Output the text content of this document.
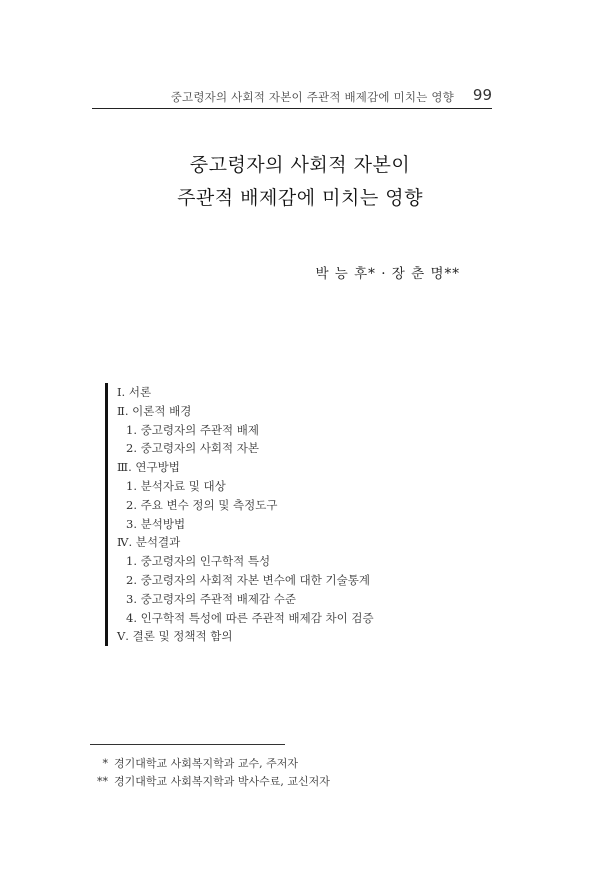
중고령자의 사회적 자본이 주관적 배제감에 미치는 영향 99
중고령자의 사회적 자본이
주관적 배제감에 미치는 영향
박 능 후* · 장 춘 명**
Ⅰ. 서론
Ⅱ. 이론적 배경
1. 중고령자의 주관적 배제
2. 중고령자의 사회적 자본
Ⅲ. 연구방법
1. 분석자료 및 대상
2. 주요 변수 정의 및 측정도구
3. 분석방법
Ⅳ. 분석결과
1. 중고령자의 인구학적 특성
2. 중고령자의 사회적 자본 변수에 대한 기술통계
3. 중고령자의 주관적 배제감 수준
4. 인구학적 특성에 따른 주관적 배제감 차이 검증
Ⅴ. 결론 및 정책적 함의
* 경기대학교 사회복지학과 교수, 주저자
** 경기대학교 사회복지학과 박사수료, 교신저자
